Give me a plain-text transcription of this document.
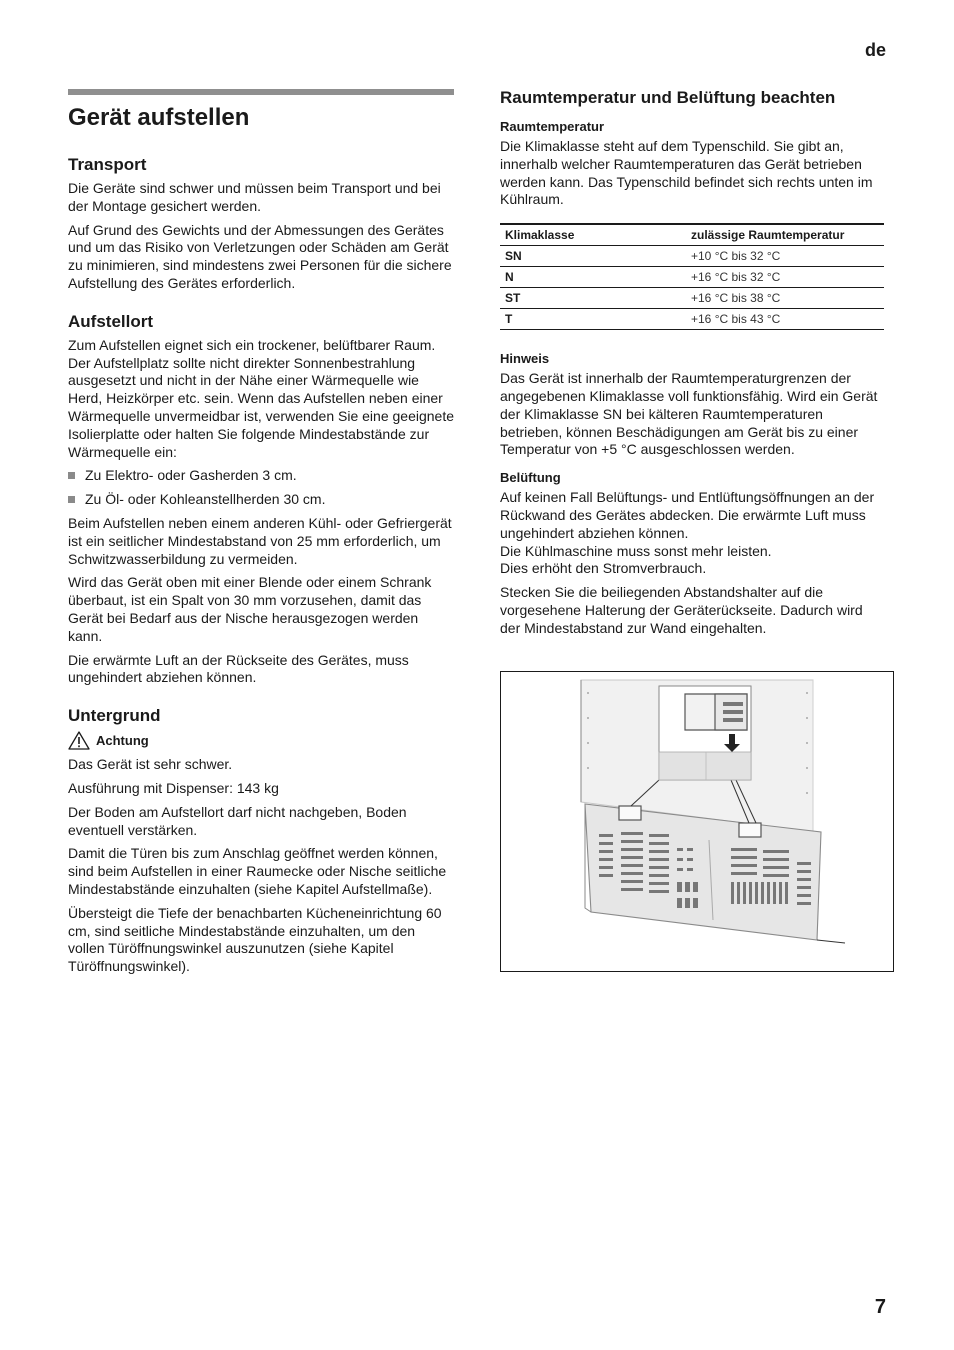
de
Gerät aufstellen
Transport

Die Geräte sind schwer und müssen beim Transport und bei der Montage gesichert werden.

Auf Grund des Gewichts und der Abmessungen des Gerätes und um das Risiko von Verletzungen oder Schäden am Gerät zu minimieren, sind mindestens zwei Personen für die sichere Aufstellung des Gerätes erforderlich.

Aufstellort

Zum Aufstellen eignet sich ein trockener, belüftbarer Raum. Der Aufstellplatz sollte nicht direkter Sonnenbestrahlung ausgesetzt und nicht in der Nähe einer Wärmequelle wie Herd, Heizkörper etc. sein. Wenn das Aufstellen neben einer Wärmequelle unvermeidbar ist, verwenden Sie eine geeignete Isolierplatte oder halten Sie folgende Mindestabstände zur Wärmequelle ein:

Zu Elektro- oder Gasherden 3 cm.
Zu Öl- oder Kohleanstellherden 30 cm.

Beim Aufstellen neben einem anderen Kühl- oder Gefriergerät ist ein seitlicher Mindestabstand von 25 mm erforderlich, um Schwitzwasserbildung zu vermeiden.

Wird das Gerät oben mit einer Blende oder einem Schrank überbaut, ist ein Spalt von 30 mm vorzusehen, damit das Gerät bei Bedarf aus der Nische herausgezogen werden kann.

Die erwärmte Luft an der Rückseite des Gerätes, muss ungehindert abziehen können.

Untergrund
Achtung

Das Gerät ist sehr schwer.

Ausführung mit Dispenser: 143 kg

Der Boden am Aufstellort darf nicht nachgeben, Boden eventuell verstärken.

Damit die Türen bis zum Anschlag geöffnet werden können, sind beim Aufstellen in einer Raumecke oder Nische seitliche Mindestabstände einzuhalten (siehe Kapitel Aufstellmaße).

Übersteigt die Tiefe der benachbarten Kücheneinrichtung 60 cm, sind seitliche Mindestabstände einzuhalten, um den vollen Türöffnungswinkel auszunutzen (siehe Kapitel Türöffnungswinkel).

Raumtemperatur und Belüftung beachten
Raumtemperatur

Die Klimaklasse steht auf dem Typenschild. Sie gibt an, innerhalb welcher Raumtemperaturen das Gerät betrieben werden kann. Das Typenschild befindet sich rechts unten im Kühlraum.

Klimaklasse	zulässige Raumtemperatur
SN	+10 °C bis 32 °C
N	+16 °C bis 32 °C
ST	+16 °C bis 38 °C
T	+16 °C bis 43 °C
Hinweis

Das Gerät ist innerhalb der Raumtemperaturgrenzen der angegebenen Klimaklasse voll funktionsfähig. Wird ein Gerät der Klimaklasse SN bei kälteren Raumtemperaturen betrieben, können Beschädigungen am Gerät bis zu einer Temperatur von +5 °C ausgeschlossen werden.

Belüftung

Auf keinen Fall Belüftungs- und Entlüftungsöffnungen an der Rückwand des Gerätes abdecken. Die erwärmte Luft muss ungehindert abziehen können.
Die Kühlmaschine muss sonst mehr leisten.
Dies erhöht den Stromverbrauch.

Stecken Sie die beiliegenden Abstandshalter auf die vorgesehene Halterung der Geräterückseite. Dadurch wird der Mindestabstand zur Wand eingehalten.

7
